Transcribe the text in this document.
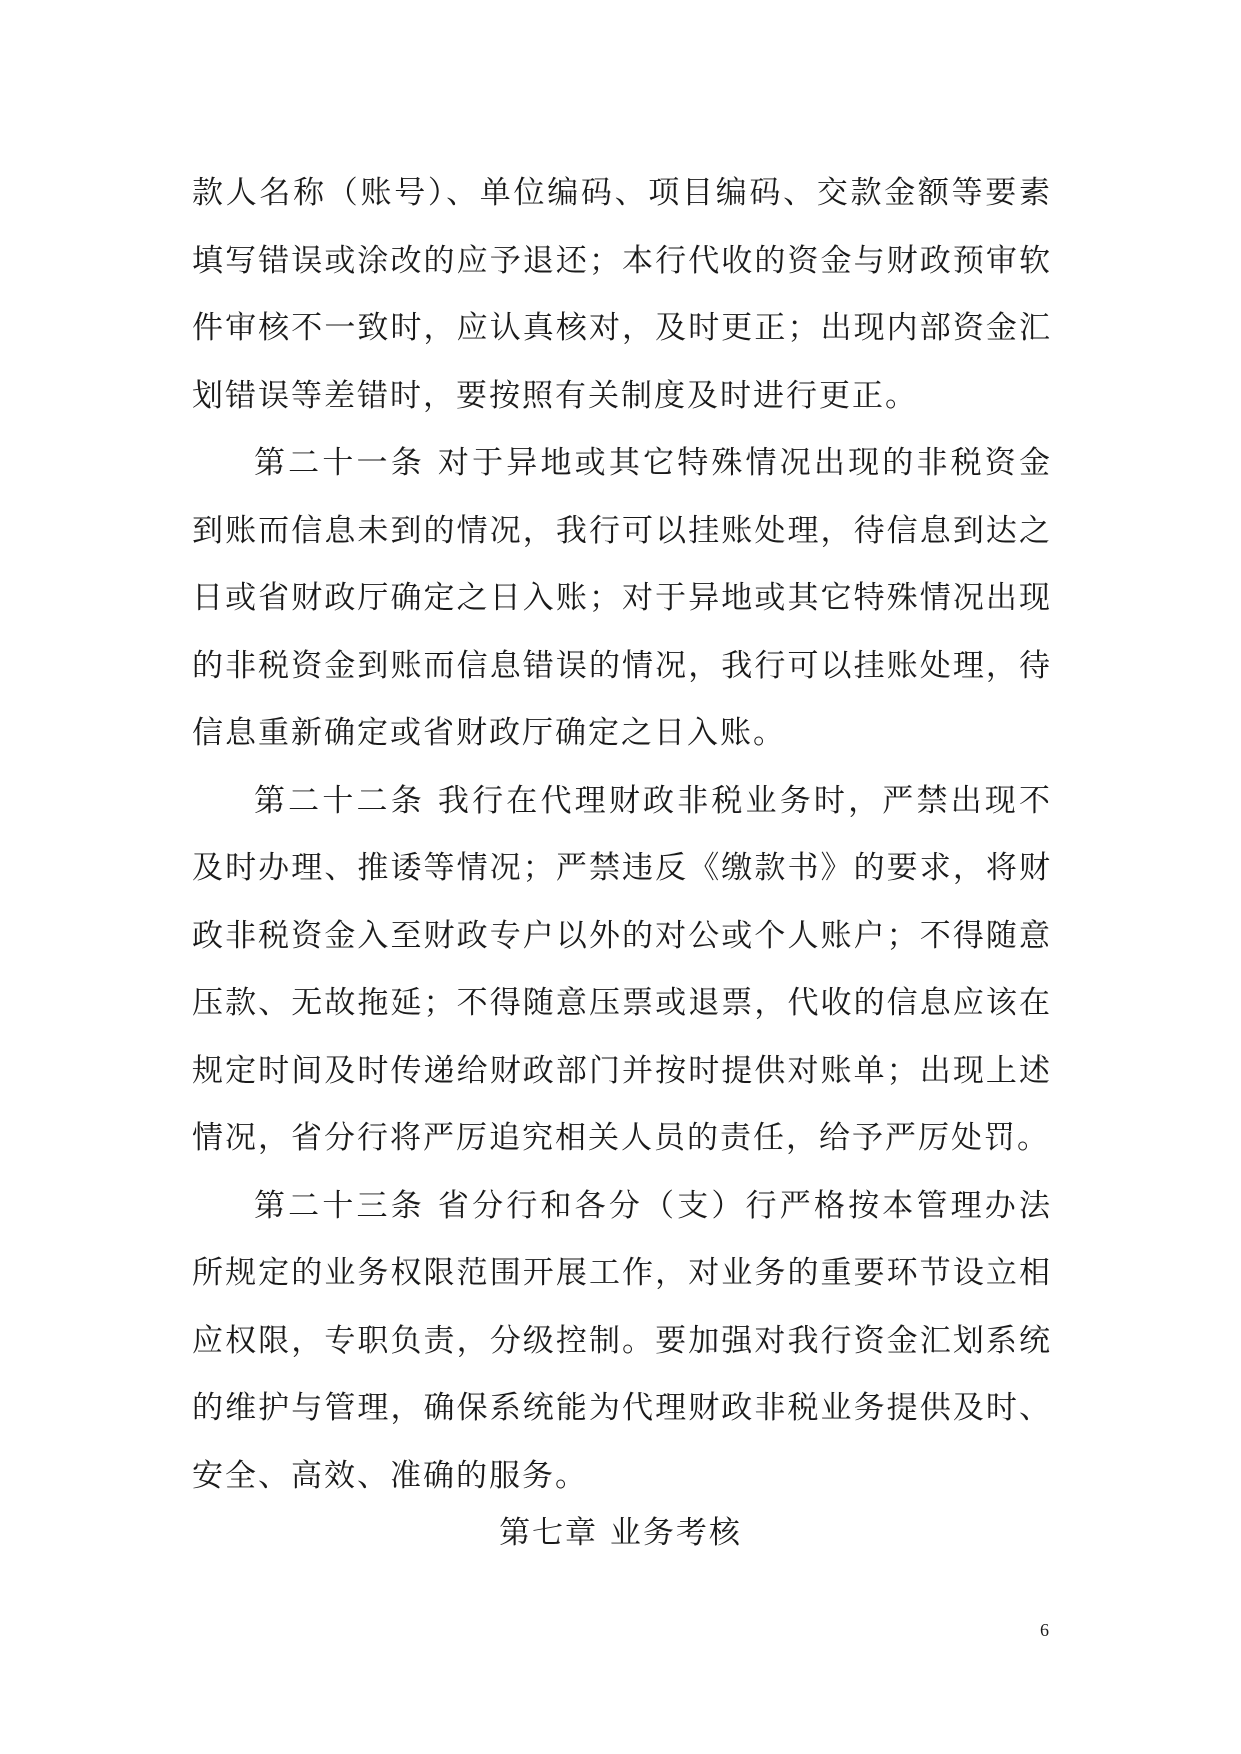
款人名称（账号）、单位编码、项目编码、交款金额等要素填写错误或涂改的应予退还；本行代收的资金与财政预审软件审核不一致时，应认真核对，及时更正；出现内部资金汇划错误等差错时，要按照有关制度及时进行更正。

第二十一条 对于异地或其它特殊情况出现的非税资金到账而信息未到的情况，我行可以挂账处理，待信息到达之日或省财政厅确定之日入账；对于异地或其它特殊情况出现的非税资金到账而信息错误的情况，我行可以挂账处理，待信息重新确定或省财政厅确定之日入账。

第二十二条 我行在代理财政非税业务时，严禁出现不及时办理、推诿等情况；严禁违反《缴款书》的要求，将财政非税资金入至财政专户以外的对公或个人账户；不得随意压款、无故拖延；不得随意压票或退票，代收的信息应该在规定时间及时传递给财政部门并按时提供对账单；出现上述情况，省分行将严厉追究相关人员的责任，给予严厉处罚。

第二十三条 省分行和各分（支）行严格按本管理办法所规定的业务权限范围开展工作，对业务的重要环节设立相应权限，专职负责，分级控制。要加强对我行资金汇划系统的维护与管理，确保系统能为代理财政非税业务提供及时、安全、高效、准确的服务。

第七章 业务考核
6
